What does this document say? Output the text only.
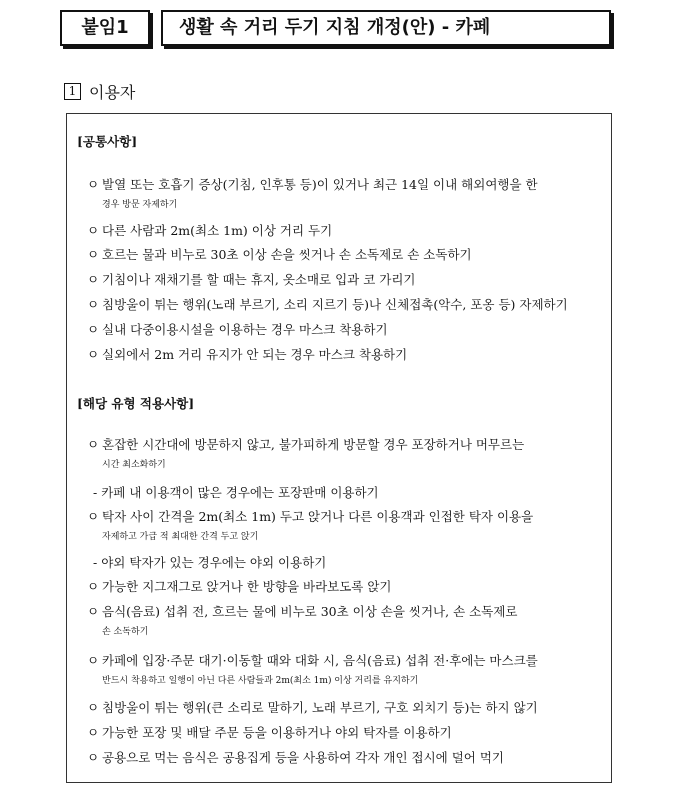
붙임1	생활 속 거리 두기 지침 개정(안) - 카페
1 이용자
[공통사항]
ㅇ 발열 또는 호흡기 증상(기침, 인후통 등)이 있거나 최근 14일 이내 해외여행을 한
경우 방문 자제하기
ㅇ 다른 사람과 2m(최소 1m) 이상 거리 두기
ㅇ 호르는 물과 비누로 30초 이상 손을 씻거나 손 소독제로 손 소독하기
ㅇ 기침이나 재채기를 할 때는 휴지, 옷소매로 입과 코 가리기
ㅇ 침방울이 튀는 행위(노래 부르기, 소리 지르기 등)나 신체접촉(악수, 포옹 등) 자제하기
ㅇ 실내 다중이용시설을 이용하는 경우 마스크 착용하기
ㅇ 실외에서 2m 거리 유지가 안 되는 경우 마스크 착용하기
[해당 유형 적용사항]
ㅇ 혼잡한 시간대에 방문하지 않고, 불가피하게 방문할 경우 포장하거나 머무르는
시간 최소화하기
- 카페 내 이용객이 많은 경우에는 포장판매 이용하기
ㅇ 탁자 사이 간격을 2m(최소 1m) 두고 앉거나 다른 이용객과 인접한 탁자 이용을
자제하고 가급 적 최대한 간격 두고 앉기
- 야외 탁자가 있는 경우에는 야외 이용하기
ㅇ 가능한 지그재그로 앉거나 한 방향을 바라보도록 앉기
ㅇ 음식(음료) 섭취 전, 흐르는 물에 비누로 30초 이상 손을 씻거나, 손 소독제로
손 소독하기
ㅇ 카페에 입장·주문 대기·이동할 때와 대화 시, 음식(음료) 섭취 전·후에는 마스크를
반드시 착용하고 일행이 아닌 다른 사람들과 2m(최소 1m) 이상 거리를 유지하기
ㅇ 침방울이 튀는 행위(큰 소리로 말하기, 노래 부르기, 구호 외치기 등)는 하지 않기
ㅇ 가능한 포장 및 배달 주문 등을 이용하거나 야외 탁자를 이용하기
ㅇ 공용으로 먹는 음식은 공용집게 등을 사용하여 각자 개인 접시에 덜어 먹기
